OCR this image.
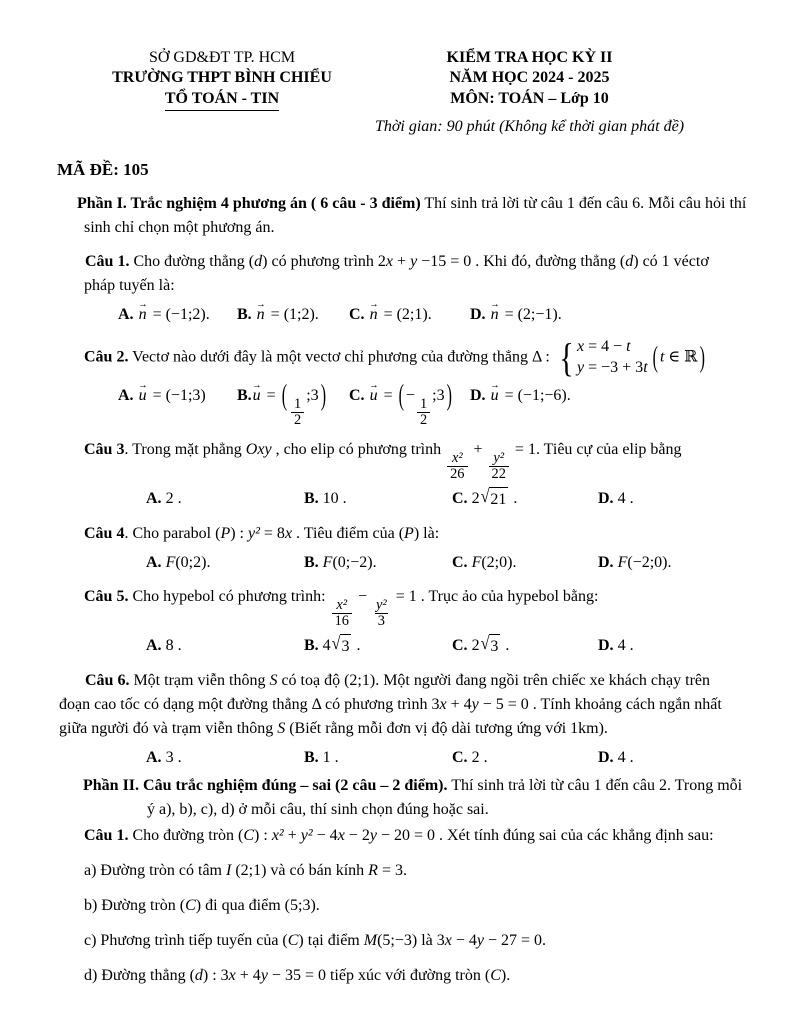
SỞ GD&ĐT TP. HCM
TRƯỜNG THPT BÌNH CHIỂU
TỔ TOÁN - TIN
KIỂM TRA HỌC KỲ II
NĂM HỌC 2024 - 2025
MÔN: TOÁN – Lớp 10
Thời gian: 90 phút (Không kể thời gian phát đề)
MÃ ĐỀ: 105
Phần I. Trắc nghiệm 4 phương án ( 6 câu - 3 điểm) Thí sinh trả lời từ câu 1 đến câu 6. Mỗi câu hỏi thí
sinh chỉ chọn một phương án.
Câu 1. Cho đường thẳng (d) có phương trình 2x + y −15 = 0 . Khi đó, đường thẳng (d) có 1 véctơ
pháp tuyến là:
A. → n = (−1;2).	B. → n = (1;2).	C. → n = (2;1).	D. → n = (2;−1).
Câu 2. Vectơ nào dưới đây là một vectơ chỉ phương của đường thẳng Δ : { x = 4 − t
y = −3 + 3t ( t ∈ ℝ )
A. → u = (−1;3)	B.→ u = (
$\frac{1}{2}$
;3 )	C. → u = ( −
$\frac{1}{2}$
;3 )	D. → u = (−1;−6).
Câu 3. Trong mặt phẳng Oxy , cho elip có phương trình
$\frac{\text{x²}}{26}$
+
$\frac{\text{y²}}{22}$
= 1. Tiêu cự của elip bằng
A. 2 .	B. 10 .	C. 2 √ 21 .	D. 4 .
Câu 4. Cho parabol (P) : y² = 8x . Tiêu điểm của (P) là:
A. F(0;2).	B. F(0;−2).	C. F(2;0).	D. F(−2;0).
Câu 5. Cho hypebol có phương trình:
$\frac{\text{x²}}{16}$
−
$\frac{\text{y²}}{3}$
= 1 . Trục ảo của hypebol bằng:
A. 8 .	B. 4 √ 3 .	C. 2 √ 3 .	D. 4 .
Câu 6. Một trạm viễn thông S có toạ độ (2;1). Một người đang ngồi trên chiếc xe khách chạy trên
đoạn cao tốc có dạng một đường thẳng Δ có phương trình 3x + 4y − 5 = 0 . Tính khoảng cách ngắn nhất
giữa người đó và trạm viễn thông S (Biết rằng mỗi đơn vị độ dài tương ứng với 1km).
A. 3 .	B. 1 .	C. 2 .	D. 4 .
Phần II. Câu trắc nghiệm đúng – sai (2 câu – 2 điểm). Thí sinh trả lời từ câu 1 đến câu 2. Trong mỗi
ý a), b), c), d) ở mỗi câu, thí sinh chọn đúng hoặc sai.
Câu 1. Cho đường tròn (C) : x² + y² − 4x − 2y − 20 = 0 . Xét tính đúng sai của các khẳng định sau:
a) Đường tròn có tâm I (2;1) và có bán kính R = 3.
b) Đường tròn (C) đi qua điểm (5;3).
c) Phương trình tiếp tuyến của (C) tại điểm M(5;−3) là 3x − 4y − 27 = 0.
d) Đường thẳng (d) : 3x + 4y − 35 = 0 tiếp xúc với đường tròn (C).
